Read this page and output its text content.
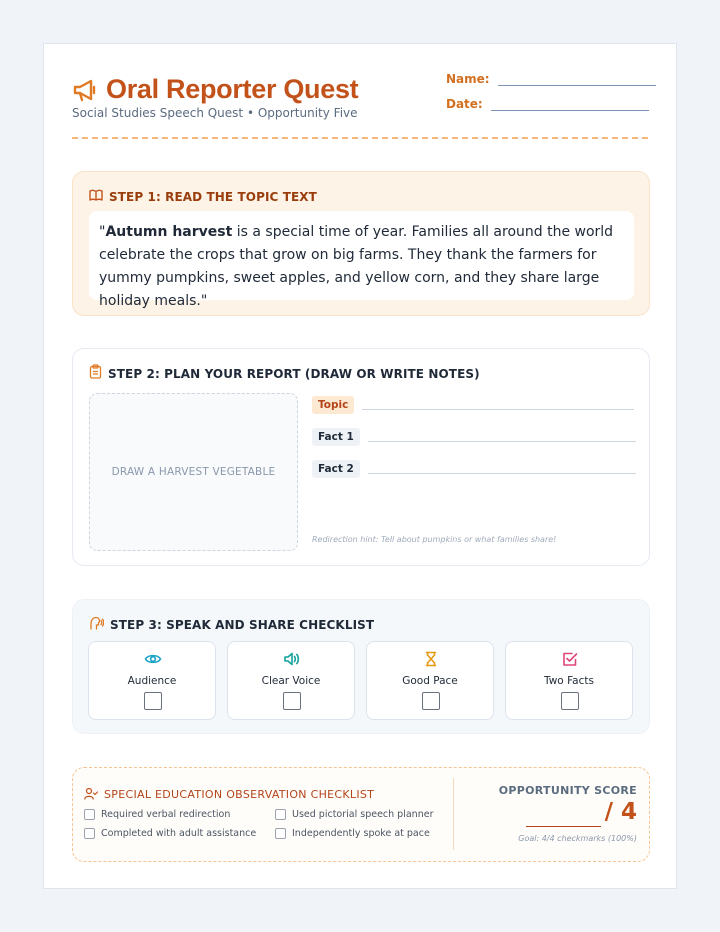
Oral Reporter Quest
Social Studies Speech Quest • Opportunity Five
Name:
Date:
STEP 1: READ THE TOPIC TEXT
"Autumn harvest is a special time of year. Families all around the world celebrate the crops that grow on big farms. They thank the farmers for yummy pumpkins, sweet apples, and yellow corn, and they share large holiday meals."
STEP 2: PLAN YOUR REPORT (DRAW OR WRITE NOTES)
DRAW A HARVEST VEGETABLE
Topic
Fact 1
Fact 2
Redirection hint: Tell about pumpkins or what families share!
STEP 3: SPEAK AND SHARE CHECKLIST
Audience	Clear Voice	Good Pace	Two Facts
SPECIAL EDUCATION OBSERVATION CHECKLIST
Required verbal redirection	Used pictorial speech planner
Completed with adult assistance	Independently spoke at pace
OPPORTUNITY SCORE
/ 4
Goal: 4/4 checkmarks (100%)
